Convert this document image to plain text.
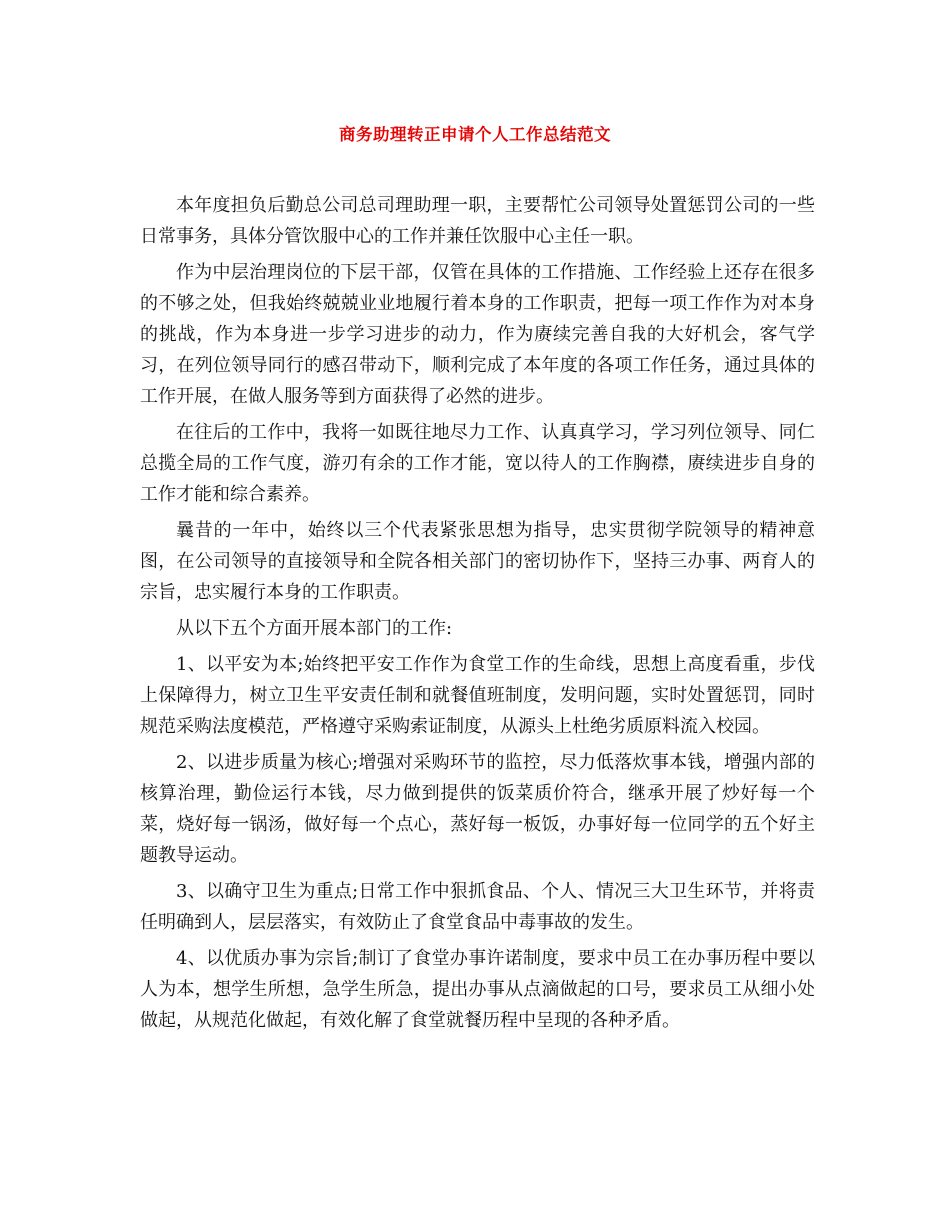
商务助理转正申请个人工作总结范文

本年度担负后勤总公司总司理助理一职，主要帮忙公司领导处置惩罚公司的一些日常事务，具体分管饮服中心的工作并兼任饮服中心主任一职。

作为中层治理岗位的下层干部，仅管在具体的工作措施、工作经验上还存在很多的不够之处，但我始终兢兢业业地履行着本身的工作职责，把每一项工作作为对本身的挑战，作为本身进一步学习进步的动力，作为赓续完善自我的大好机会，客气学习，在列位领导同行的感召带动下，顺利完成了本年度的各项工作任务，通过具体的工作开展，在做人服务等到方面获得了必然的进步。

在往后的工作中，我将一如既往地尽力工作、认真真学习，学习列位领导、同仁总揽全局的工作气度，游刃有余的工作才能，宽以待人的工作胸襟，赓续进步自身的工作才能和综合素养。

曩昔的一年中，始终以三个代表紧张思想为指导，忠实贯彻学院领导的精神意图，在公司领导的直接领导和全院各相关部门的密切协作下，坚持三办事、两育人的宗旨，忠实履行本身的工作职责。

从以下五个方面开展本部门的工作:

1、以平安为本;始终把平安工作作为食堂工作的生命线，思想上高度看重，步伐上保障得力，树立卫生平安责任制和就餐值班制度，发明问题，实时处置惩罚，同时规范采购法度模范，严格遵守采购索证制度，从源头上杜绝劣质原料流入校园。

2、以进步质量为核心;增强对采购环节的监控，尽力低落炊事本钱，增强内部的核算治理，勤俭运行本钱，尽力做到提供的饭菜质价符合，继承开展了炒好每一个菜，烧好每一锅汤，做好每一个点心，蒸好每一板饭，办事好每一位同学的五个好主题教导运动。

3、以确守卫生为重点;日常工作中狠抓食品、个人、情况三大卫生环节，并将责任明确到人，层层落实，有效防止了食堂食品中毒事故的发生。

4、以优质办事为宗旨;制订了食堂办事许诺制度，要求中员工在办事历程中要以人为本，想学生所想，急学生所急，提出办事从点滴做起的口号，要求员工从细小处做起，从规范化做起，有效化解了食堂就餐历程中呈现的各种矛盾。
